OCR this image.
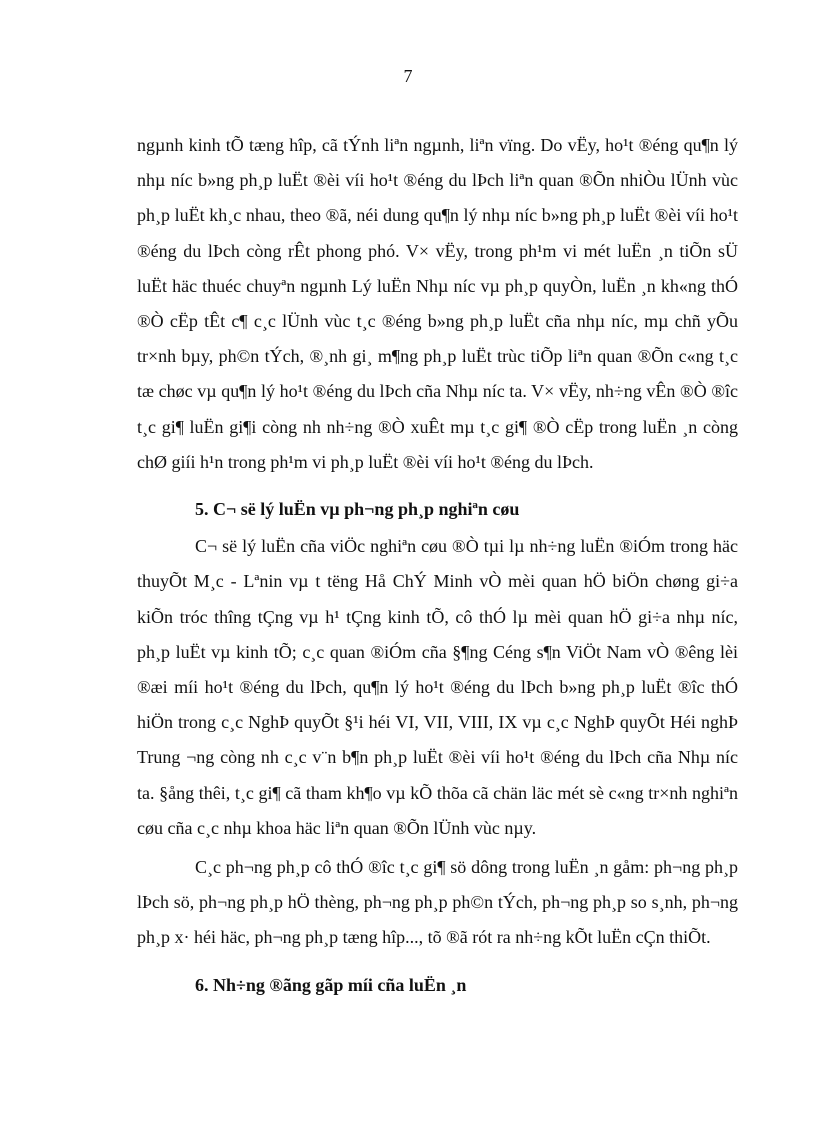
7

ngµnh kinh tÕ tæng hîp, cã tÝnh liªn ngµnh, liªn vïng. Do vËy, ho¹t ®éng qu¶n lý nhµ níc b»ng ph¸p luËt ®èi víi ho¹t ®éng du lÞch liªn quan ®Õn nhiÒu lÜnh vùc ph¸p luËt kh¸c nhau, theo ®ã, néi dung qu¶n lý nhµ níc b»ng ph¸p luËt ®èi víi ho¹t ®éng du lÞch còng rÊt phong phó. V× vËy, trong ph¹m vi mét luËn ¸n tiÕn sÜ luËt häc thuéc chuyªn ngµnh Lý luËn Nhµ níc vµ ph¸p quyÒn, luËn ¸n kh«ng thÓ ®Ò cËp tÊt c¶ c¸c lÜnh vùc t¸c ®éng b»ng ph¸p luËt cña nhµ níc, mµ chñ yÕu tr×nh bµy, ph©n tÝch, ®¸nh gi¸ m¶ng ph¸p luËt trùc tiÕp liªn quan ®Õn c«ng t¸c tæ chøc vµ qu¶n lý ho¹t ®éng du lÞch cña Nhµ níc ta. V× vËy, nh÷ng vÊn ®Ò ®îc t¸c gi¶ luËn gi¶i còng nh nh÷ng ®Ò xuÊt mµ t¸c gi¶ ®Ò cËp trong luËn ¸n còng chØ giíi h¹n trong ph¹m vi ph¸p luËt ®èi víi ho¹t ®éng du lÞch.

5. C¬ së lý luËn vµ ph¬ng ph¸p nghiªn cøu

C¬ së lý luËn cña viÖc nghiªn cøu ®Ò tµi lµ nh÷ng luËn ®iÓm trong häc thuyÕt M¸c - Lªnin vµ t tëng Hå ChÝ Minh vÒ mèi quan hÖ biÖn chøng gi÷a kiÕn tróc thîng tÇng vµ h¹ tÇng kinh tÕ, cô thÓ lµ mèi quan hÖ gi÷a nhµ níc, ph¸p luËt vµ kinh tÕ; c¸c quan ®iÓm cña §¶ng Céng s¶n ViÖt Nam vÒ ®êng lèi ®æi míi ho¹t ®éng du lÞch, qu¶n lý ho¹t ®éng du lÞch b»ng ph¸p luËt ®îc thÓ hiÖn trong c¸c NghÞ quyÕt §¹i héi VI, VII, VIII, IX vµ c¸c NghÞ quyÕt Héi nghÞ Trung ¬ng còng nh c¸c v¨n b¶n ph¸p luËt ®èi víi ho¹t ®éng du lÞch cña Nhµ níc ta. §ång thêi, t¸c gi¶ cã tham kh¶o vµ kÕ thõa cã chän läc mét sè c«ng tr×nh nghiªn cøu cña c¸c nhµ khoa häc liªn quan ®Õn lÜnh vùc nµy.

C¸c ph¬ng ph¸p cô thÓ ®îc t¸c gi¶ sö dông trong luËn ¸n gåm: ph¬ng ph¸p lÞch sö, ph¬ng ph¸p hÖ thèng, ph¬ng ph¸p ph©n tÝch, ph¬ng ph¸p so s¸nh, ph¬ng ph¸p x· héi häc, ph¬ng ph¸p tæng hîp..., tõ ®ã rót ra nh÷ng kÕt luËn cÇn thiÕt.

6. Nh÷ng ®ãng gãp míi cña luËn ¸n
